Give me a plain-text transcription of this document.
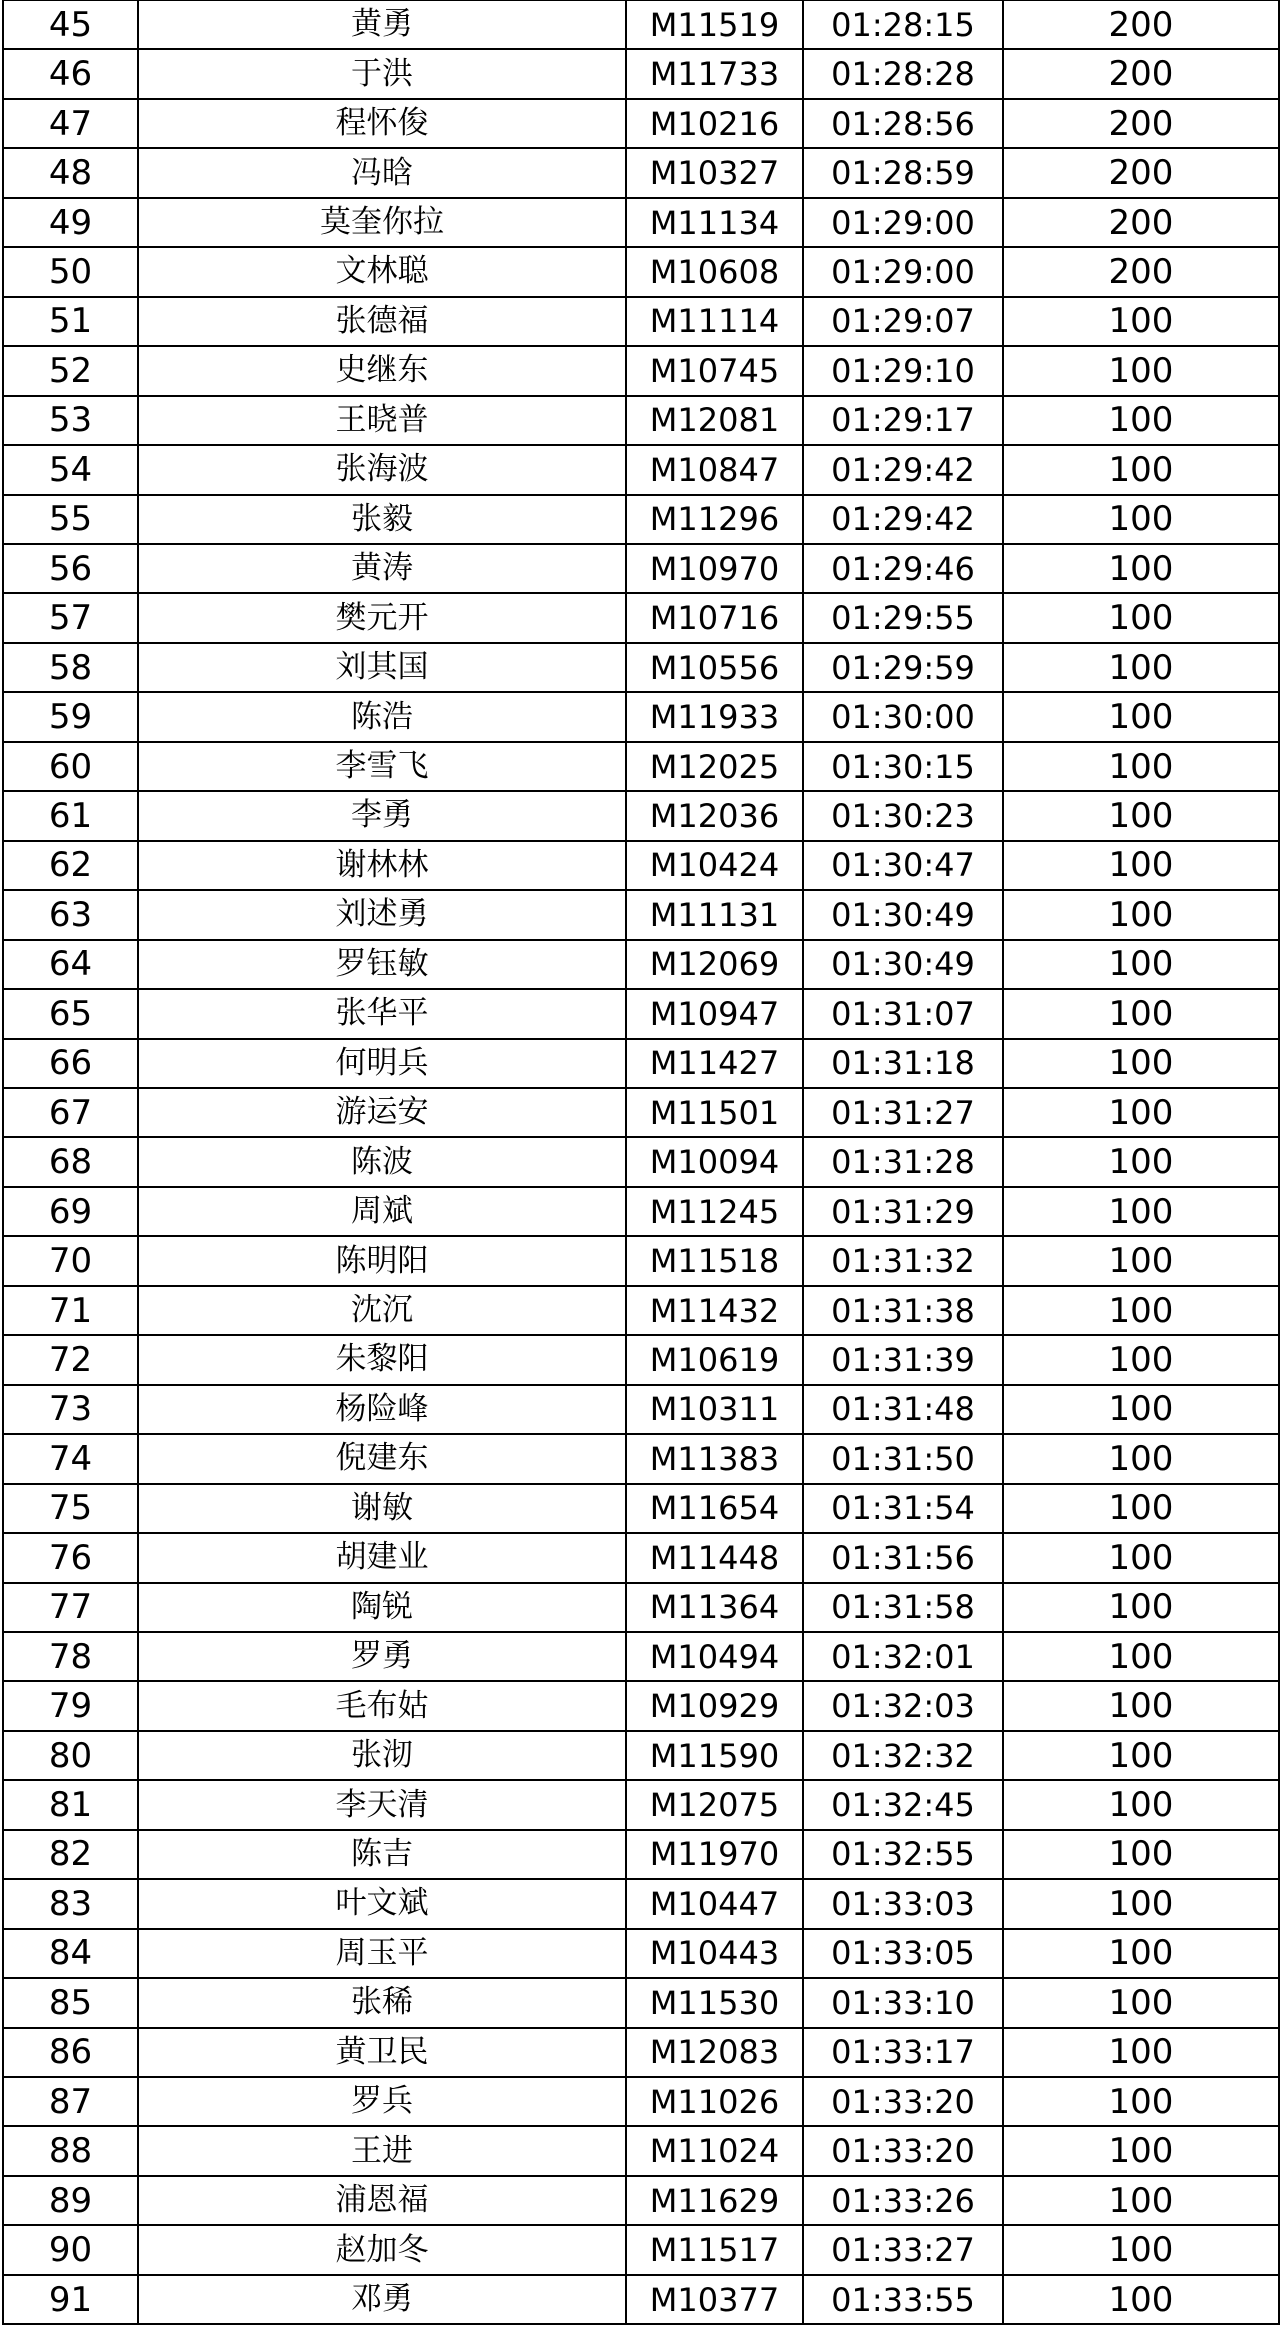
45	黄勇	M11519	01:28:15	200
46	于洪	M11733	01:28:28	200
47	程怀俊	M10216	01:28:56	200
48	冯晗	M10327	01:28:59	200
49	莫奎你拉	M11134	01:29:00	200
50	文林聪	M10608	01:29:00	200
51	张德福	M11114	01:29:07	100
52	史继东	M10745	01:29:10	100
53	王晓普	M12081	01:29:17	100
54	张海波	M10847	01:29:42	100
55	张毅	M11296	01:29:42	100
56	黄涛	M10970	01:29:46	100
57	樊元开	M10716	01:29:55	100
58	刘其国	M10556	01:29:59	100
59	陈浩	M11933	01:30:00	100
60	李雪飞	M12025	01:30:15	100
61	李勇	M12036	01:30:23	100
62	谢林林	M10424	01:30:47	100
63	刘述勇	M11131	01:30:49	100
64	罗钰敏	M12069	01:30:49	100
65	张华平	M10947	01:31:07	100
66	何明兵	M11427	01:31:18	100
67	游运安	M11501	01:31:27	100
68	陈波	M10094	01:31:28	100
69	周斌	M11245	01:31:29	100
70	陈明阳	M11518	01:31:32	100
71	沈沉	M11432	01:31:38	100
72	朱黎阳	M10619	01:31:39	100
73	杨险峰	M10311	01:31:48	100
74	倪建东	M11383	01:31:50	100
75	谢敏	M11654	01:31:54	100
76	胡建业	M11448	01:31:56	100
77	陶锐	M11364	01:31:58	100
78	罗勇	M10494	01:32:01	100
79	毛布姑	M10929	01:32:03	100
80	张沏	M11590	01:32:32	100
81	李天清	M12075	01:32:45	100
82	陈吉	M11970	01:32:55	100
83	叶文斌	M10447	01:33:03	100
84	周玉平	M10443	01:33:05	100
85	张稀	M11530	01:33:10	100
86	黄卫民	M12083	01:33:17	100
87	罗兵	M11026	01:33:20	100
88	王进	M11024	01:33:20	100
89	浦恩福	M11629	01:33:26	100
90	赵加冬	M11517	01:33:27	100
91	邓勇	M10377	01:33:55	100
